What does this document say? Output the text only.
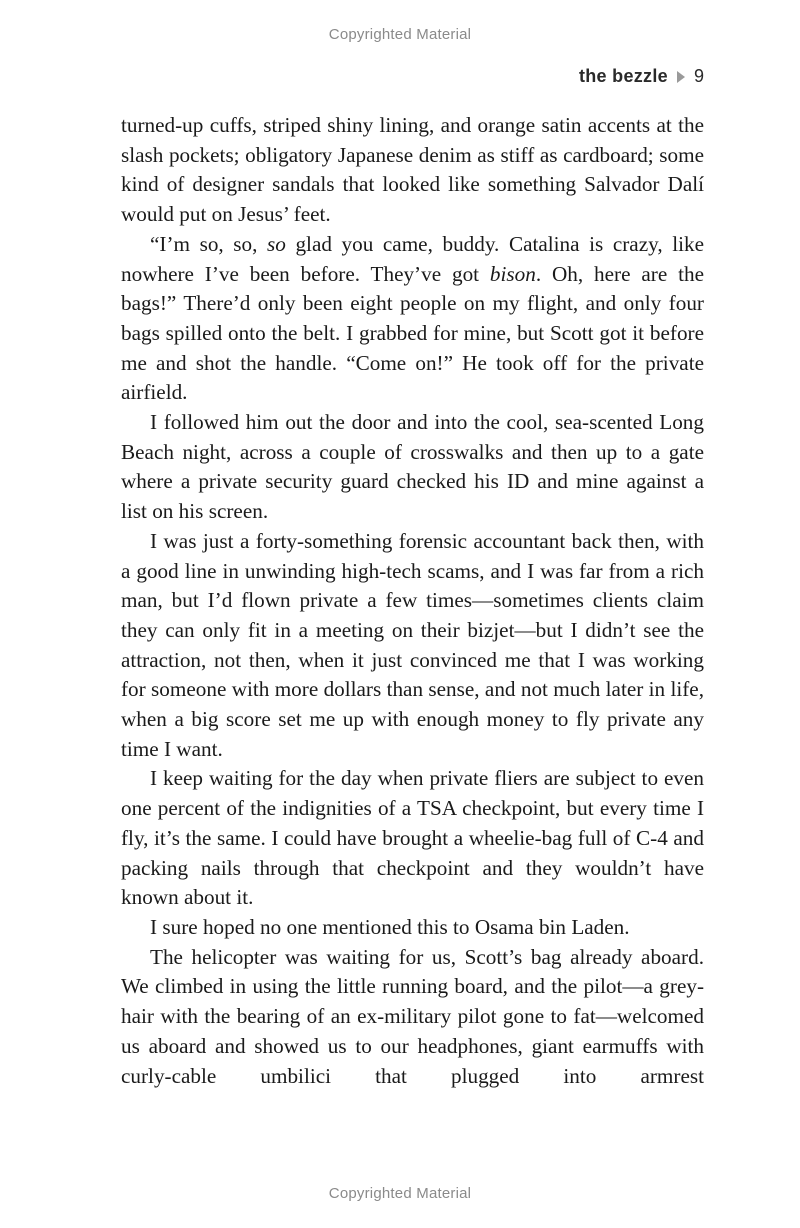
Copyrighted Material
the bezzle 9

turned-up cuffs, striped shiny lining, and orange satin accents at the slash pockets; obligatory Japanese denim as stiff as cardboard; some kind of designer sandals that looked like something Salvador Dalí would put on Jesus’ feet.

“I’m so, so, so glad you came, buddy. Catalina is crazy, like nowhere I’ve been before. They’ve got bison. Oh, here are the bags!” There’d only been eight people on my flight, and only four bags spilled onto the belt. I grabbed for mine, but Scott got it before me and shot the handle. “Come on!” He took off for the private airfield.

I followed him out the door and into the cool, sea-scented Long Beach night, across a couple of crosswalks and then up to a gate where a private security guard checked his ID and mine against a list on his screen.

I was just a forty-something forensic accountant back then, with a good line in unwinding high-tech scams, and I was far from a rich man, but I’d flown private a few times—sometimes clients claim they can only fit in a meeting on their bizjet—but I didn’t see the attraction, not then, when it just convinced me that I was working for someone with more dollars than sense, and not much later in life, when a big score set me up with enough money to fly private any time I want.

I keep waiting for the day when private fliers are subject to even one percent of the indignities of a TSA checkpoint, but every time I fly, it’s the same. I could have brought a wheelie-bag full of C-4 and packing nails through that checkpoint and they wouldn’t have known about it.

I sure hoped no one mentioned this to Osama bin Laden.

The helicopter was waiting for us, Scott’s bag already aboard. We climbed in using the little running board, and the pilot—a grey-hair with the bearing of an ex-military pilot gone to fat—welcomed us aboard and showed us to our headphones, giant earmuffs with curly-cable umbilici that plugged into armrest

Copyrighted Material
